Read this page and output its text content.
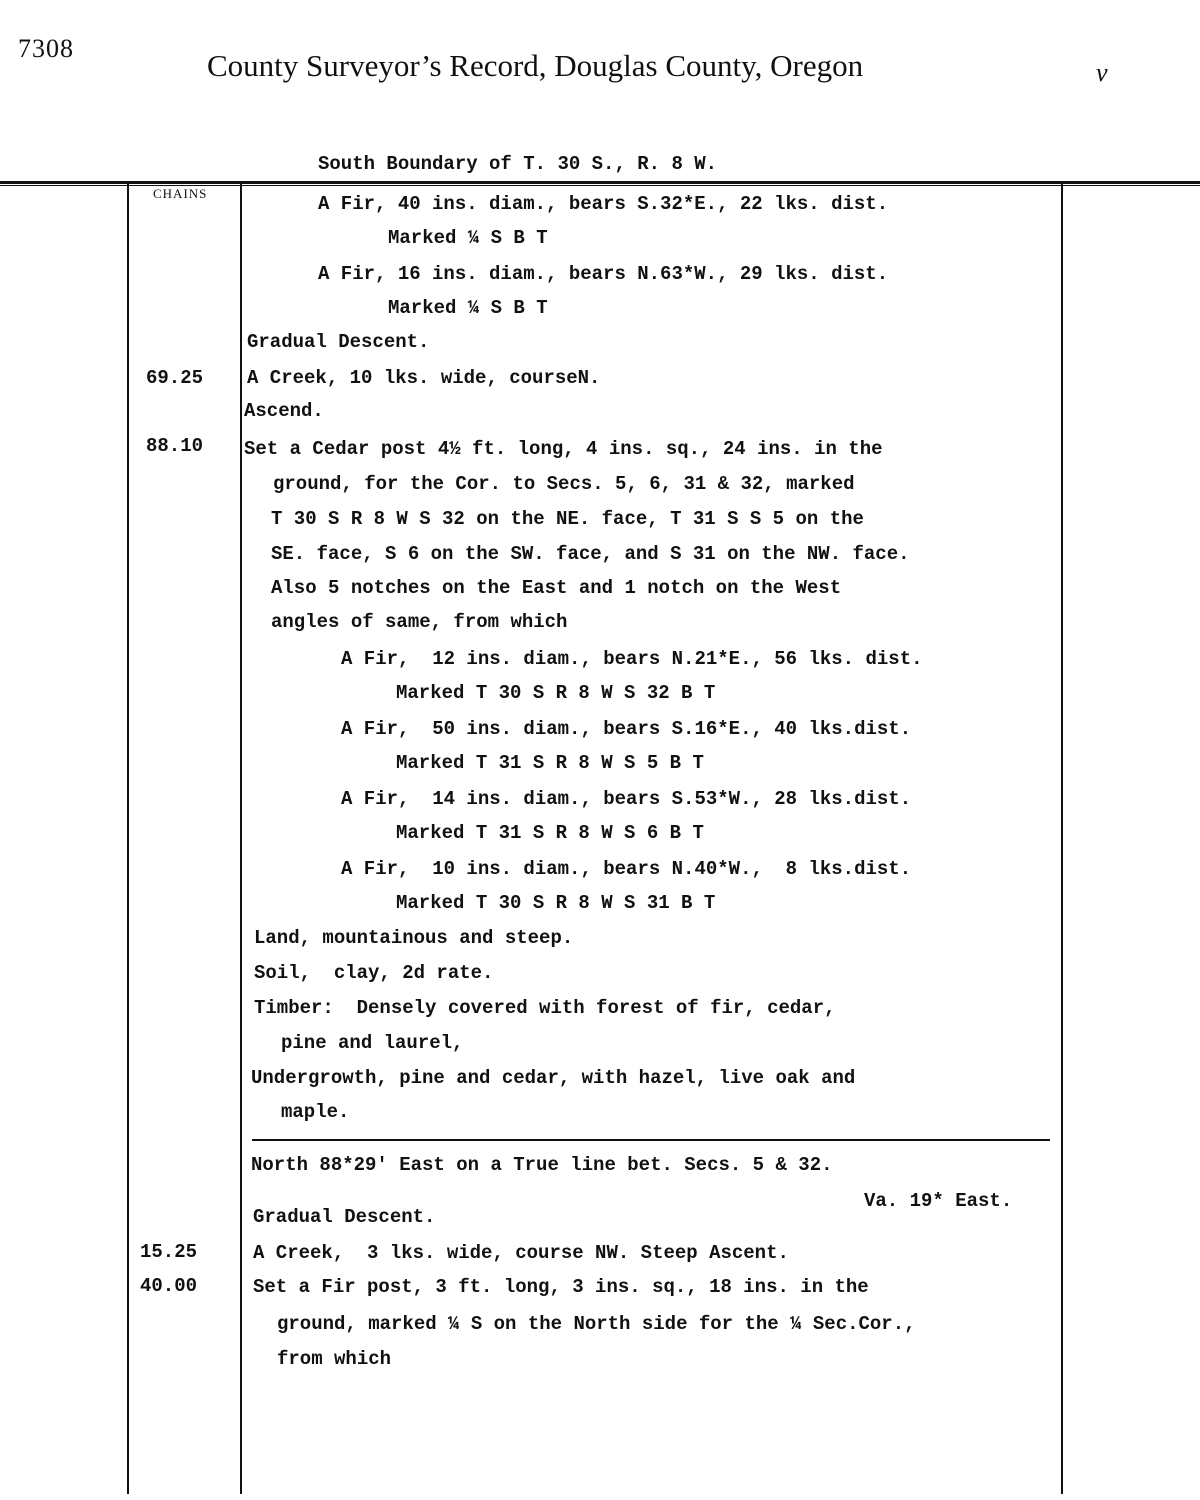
7308	County Surveyor’s Record, Douglas County, Oregon	ν
South Boundary of T. 30 S., R. 8 W.
CHAINS
69.25
88.10
15.25
40.00
A Fir, 40 ins. diam., bears S.32*E., 22 lks. dist.
Marked ¼ S B T
A Fir, 16 ins. diam., bears N.63*W., 29 lks. dist.
Marked ¼ S B T
Gradual Descent.
A Creek, 10 lks. wide, courseN.
Ascend.
Set a Cedar post 4½ ft. long, 4 ins. sq., 24 ins. in the
ground, for the Cor. to Secs. 5, 6, 31 & 32, marked
T 30 S R 8 W S 32 on the NE. face, T 31 S S 5 on the
SE. face, S 6 on the SW. face, and S 31 on the NW. face.
Also 5 notches on the East and 1 notch on the West
angles of same, from which
A Fir,  12 ins. diam., bears N.21*E., 56 lks. dist.
Marked T 30 S R 8 W S 32 B T
A Fir,  50 ins. diam., bears S.16*E., 40 lks.dist.
Marked T 31 S R 8 W S 5 B T
A Fir,  14 ins. diam., bears S.53*W., 28 lks.dist.
Marked T 31 S R 8 W S 6 B T
A Fir,  10 ins. diam., bears N.40*W.,  8 lks.dist.
Marked T 30 S R 8 W S 31 B T
Land, mountainous and steep.
Soil,  clay, 2d rate.
Timber:  Densely covered with forest of fir, cedar,
pine and laurel,
Undergrowth, pine and cedar, with hazel, live oak and
maple.
North 88*29' East on a True line bet. Secs. 5 & 32.
Va. 19* East.
Gradual Descent.
A Creek,  3 lks. wide, course NW. Steep Ascent.
Set a Fir post, 3 ft. long, 3 ins. sq., 18 ins. in the
ground, marked ¼ S on the North side for the ¼ Sec.Cor.,
from which
